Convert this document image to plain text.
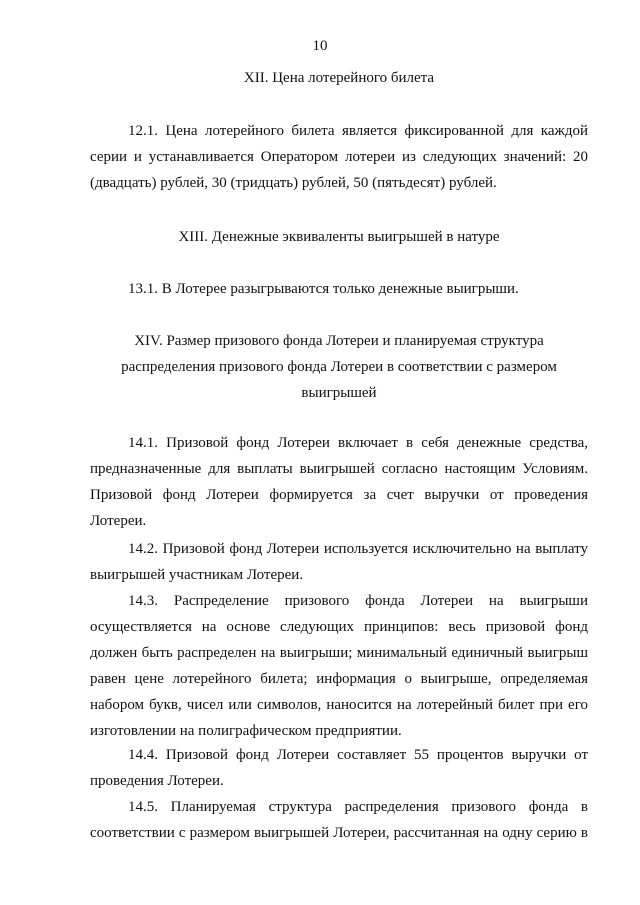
10
XII. Цена лотерейного билета
12.1. Цена лотерейного билета является фиксированной для каждой серии и устанавливается Оператором лотереи из следующих значений: 20 (двадцать) рублей, 30 (тридцать) рублей, 50 (пятьдесят) рублей.
XIII. Денежные эквиваленты выигрышей в натуре
13.1. В Лотерее разыгрываются только денежные выигрыши.
XIV. Размер призового фонда Лотереи и планируемая структура
распределения призового фонда Лотереи в соответствии с размером
выигрышей
14.1. Призовой фонд Лотереи включает в себя денежные средства, предназначенные для выплаты выигрышей согласно настоящим Условиям. Призовой фонд Лотереи формируется за счет выручки от проведения Лотереи.
14.2. Призовой фонд Лотереи используется исключительно на выплату выигрышей участникам Лотереи.
14.3. Распределение призового фонда Лотереи на выигрыши осуществляется на основе следующих принципов: весь призовой фонд должен быть распределен на выигрыши; минимальный единичный выигрыш равен цене лотерейного билета; информация о выигрыше, определяемая набором букв, чисел или символов, наносится на лотерейный билет при его изготовлении на полиграфическом предприятии.
14.4. Призовой фонд Лотереи составляет 55 процентов выручки от проведения Лотереи.
14.5. Планируемая структура распределения призового фонда в соответствии с размером выигрышей Лотереи, рассчитанная на одну серию в
